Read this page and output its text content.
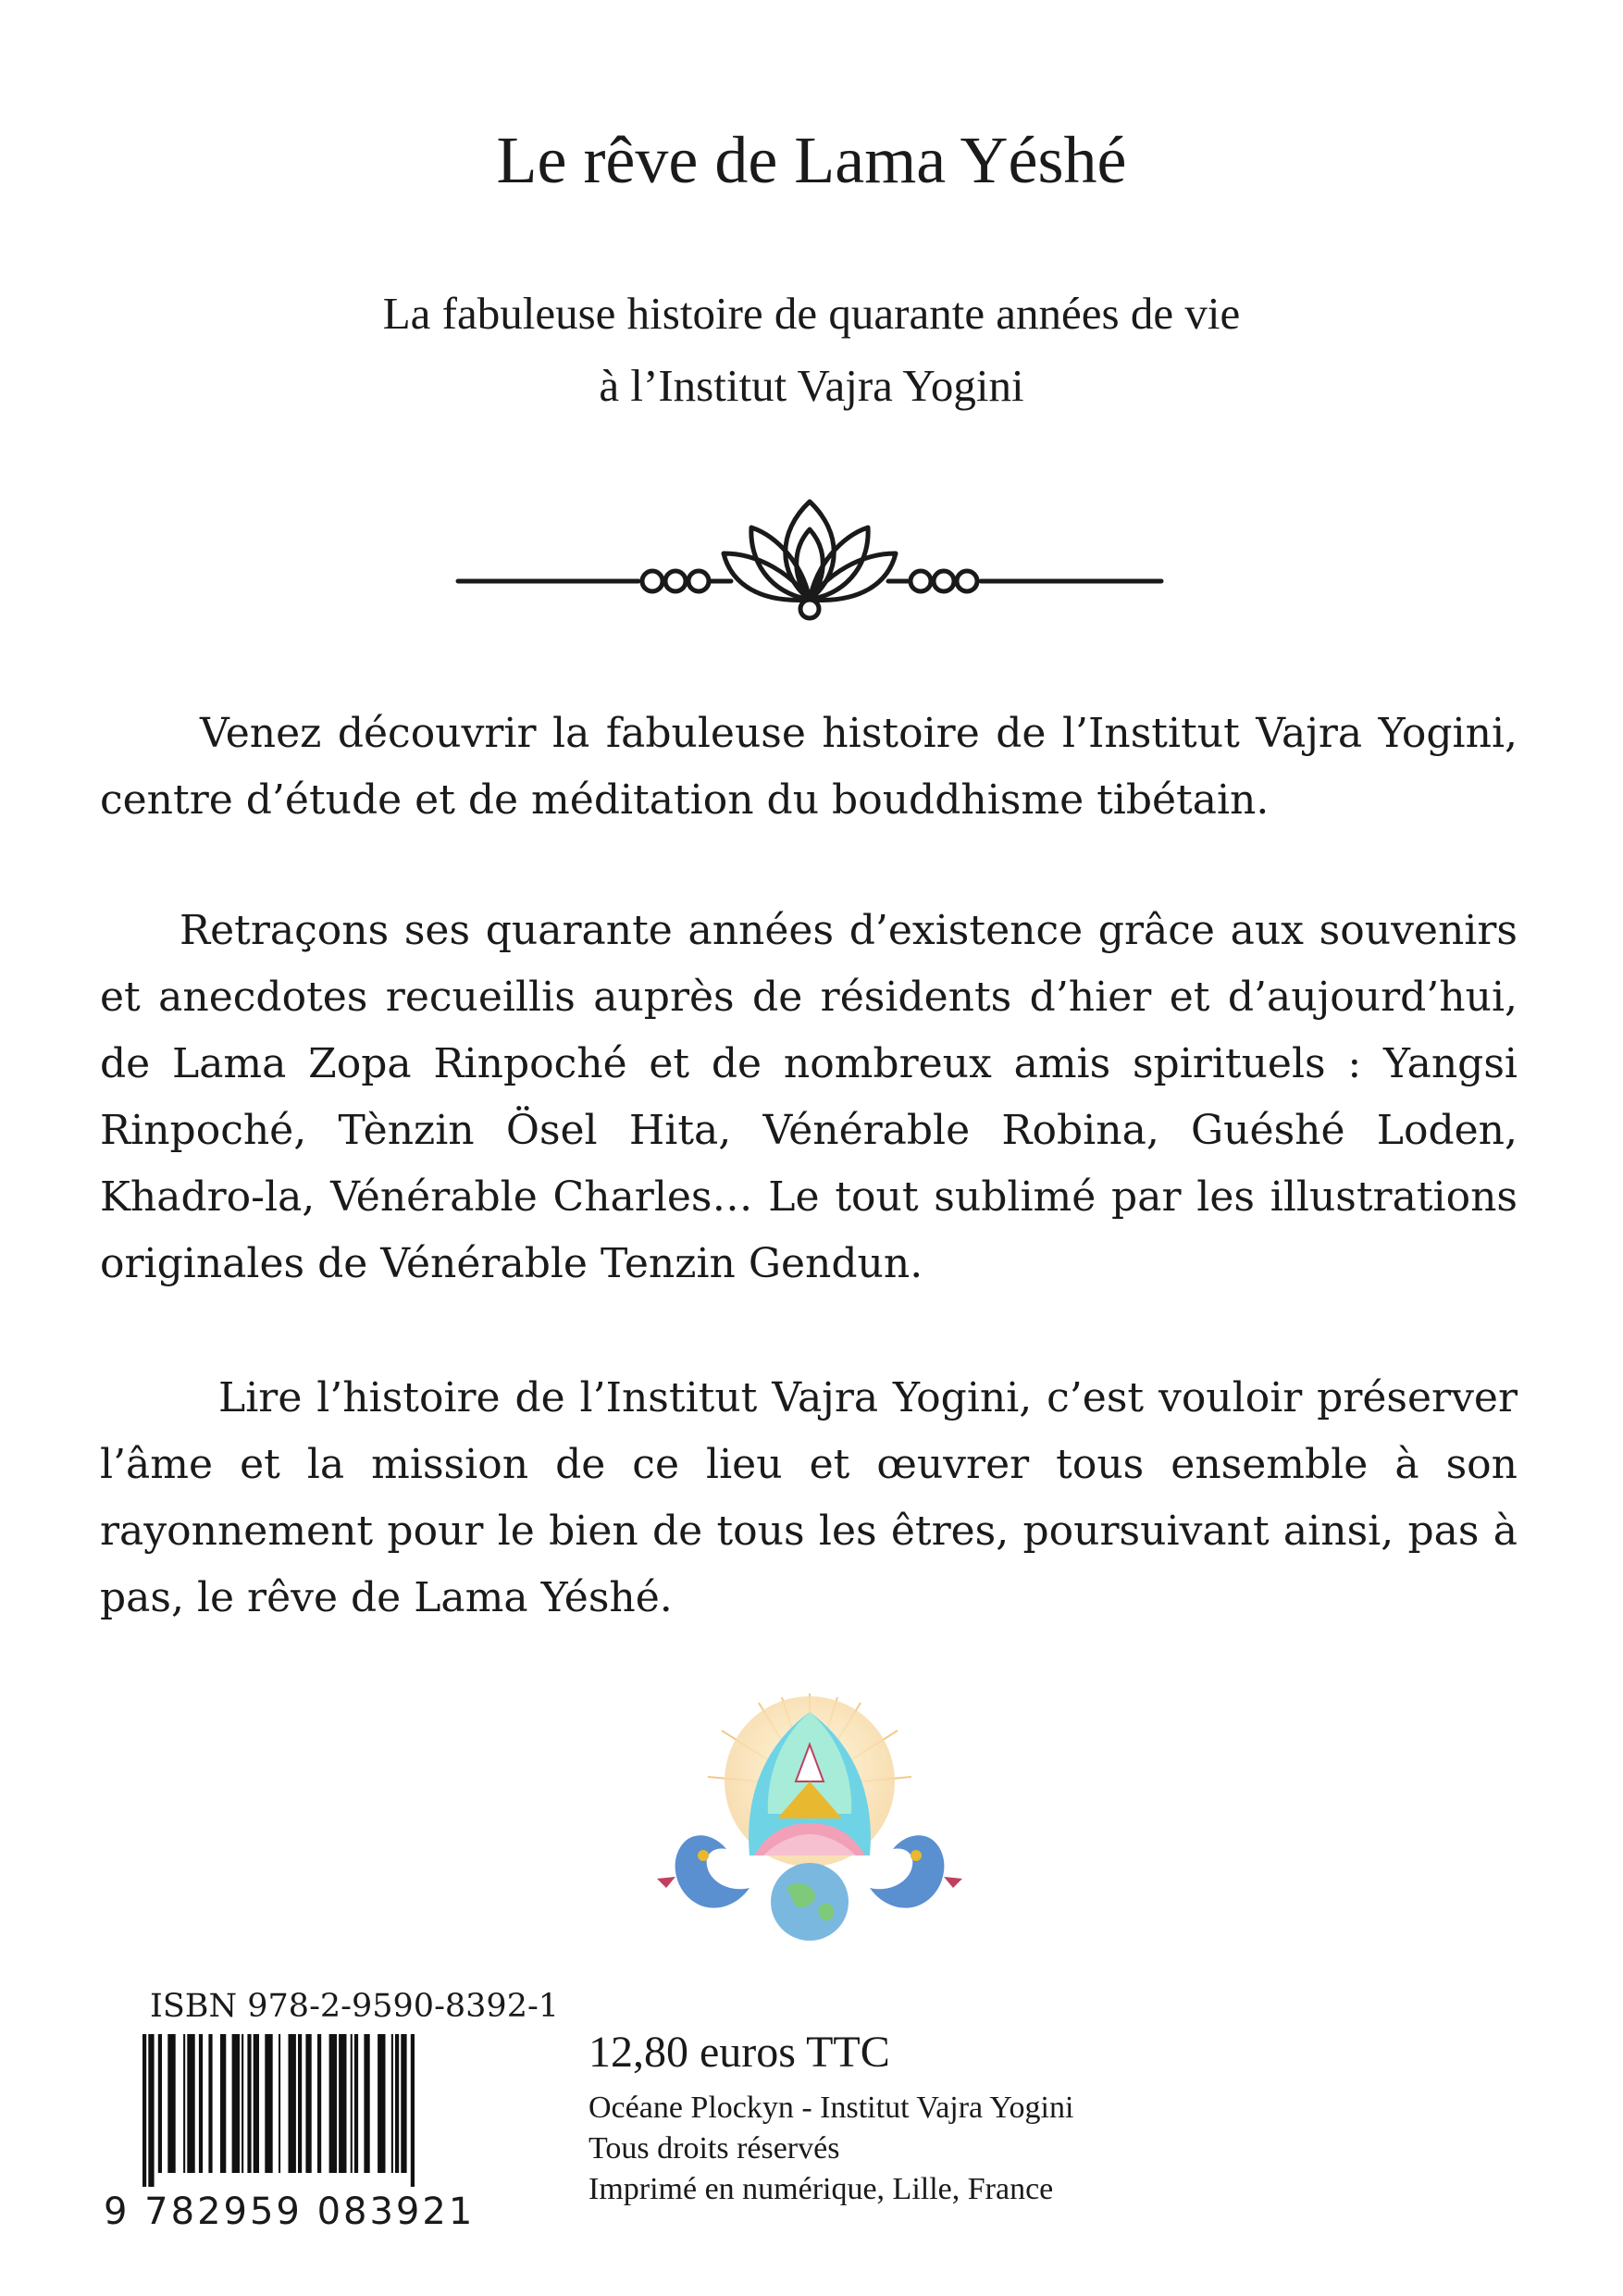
Le rêve de Lama Yéshé
La fabuleuse histoire de quarante années de vie
à l’Institut Vajra Yogini

Venez découvrir la fabuleuse histoire de l’Institut Vajra Yogini, centre d’étude et de méditation du bouddhisme tibétain.

Retraçons ses quarante années d’existence grâce aux souvenirs et anecdotes recueillis auprès de résidents d’hier et d’aujourd’hui, de Lama Zopa Rinpoché et de nombreux amis spirituels : Yangsi Rinpoché, Tènzin Ösel Hita, Vénérable Robina, Guéshé Loden, Khadro-la, Vénérable Charles… Le tout sublimé par les illustrations originales de Vénérable Tenzin Gendun.

Lire l’histoire de l’Institut Vajra Yogini, c’est vouloir préserver l’âme et la mission de ce lieu et œuvrer tous ensemble à son rayonnement pour le bien de tous les êtres, poursuivant ainsi, pas à pas, le rêve de Lama Yéshé.

ISBN 978-2-9590-8392-1
9 782959 083921
12,80 euros TTC
Océane Plockyn - Institut Vajra Yogini
Tous droits réservés
Imprimé en numérique, Lille, France
